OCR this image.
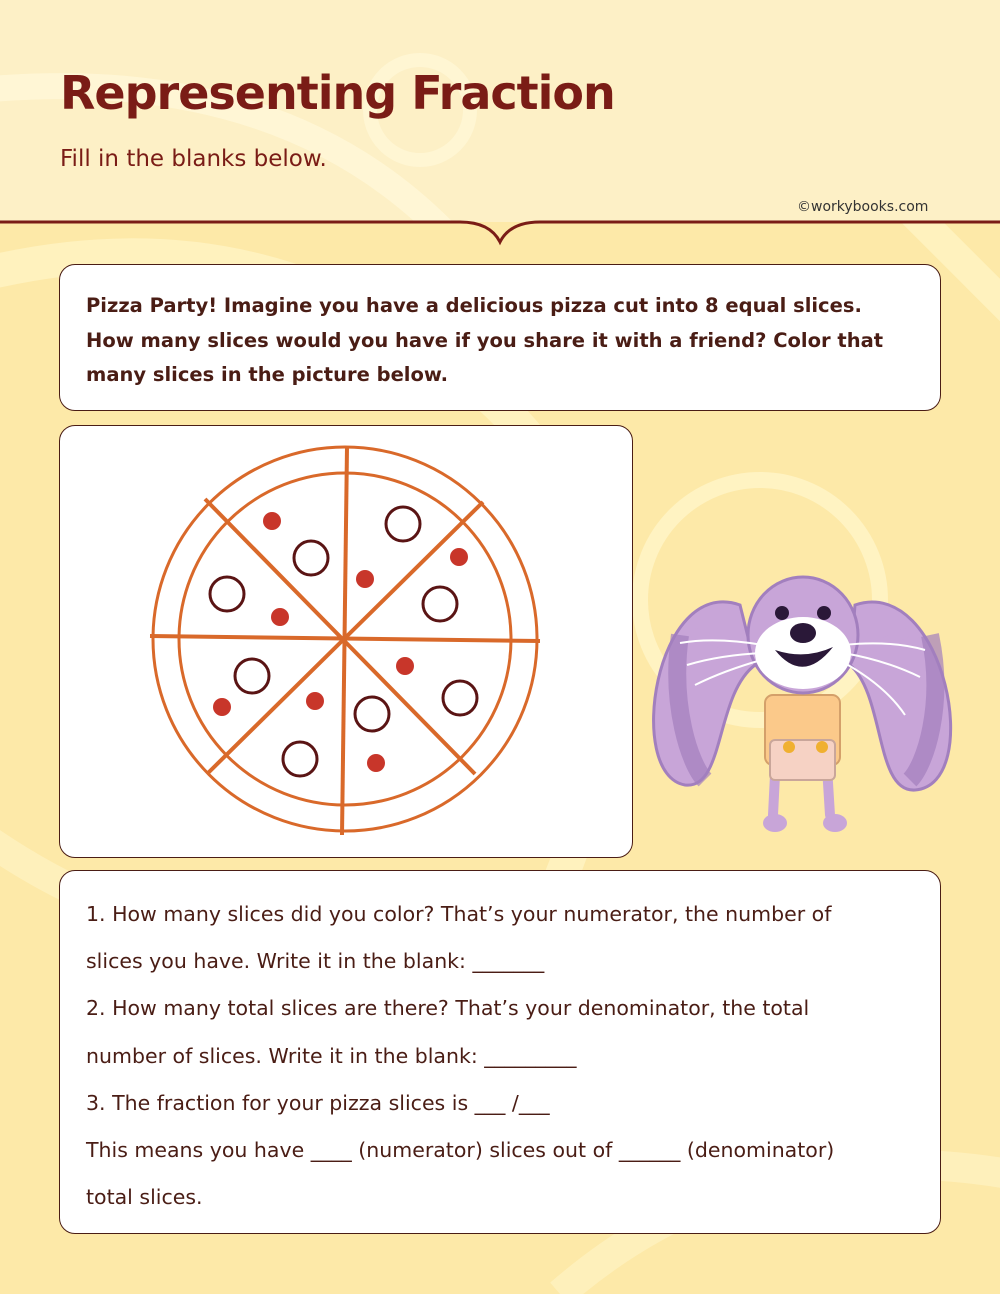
Representing Fraction
Fill in the blanks below.
©workybooks.com

Pizza Party! Imagine you have a delicious pizza cut into 8 equal slices.

How many slices would you have if you share it with a friend? Color that

many slices in the picture below.

1. How many slices did you color? That’s your numerator, the number of
slices you have. Write it in the blank: _______
2. How many total slices are there? That’s your denominator, the total
number of slices. Write it in the blank: _________
3. The fraction for your pizza slices is ___ /___
This means you have ____ (numerator) slices out of ______ (denominator)
total slices.
